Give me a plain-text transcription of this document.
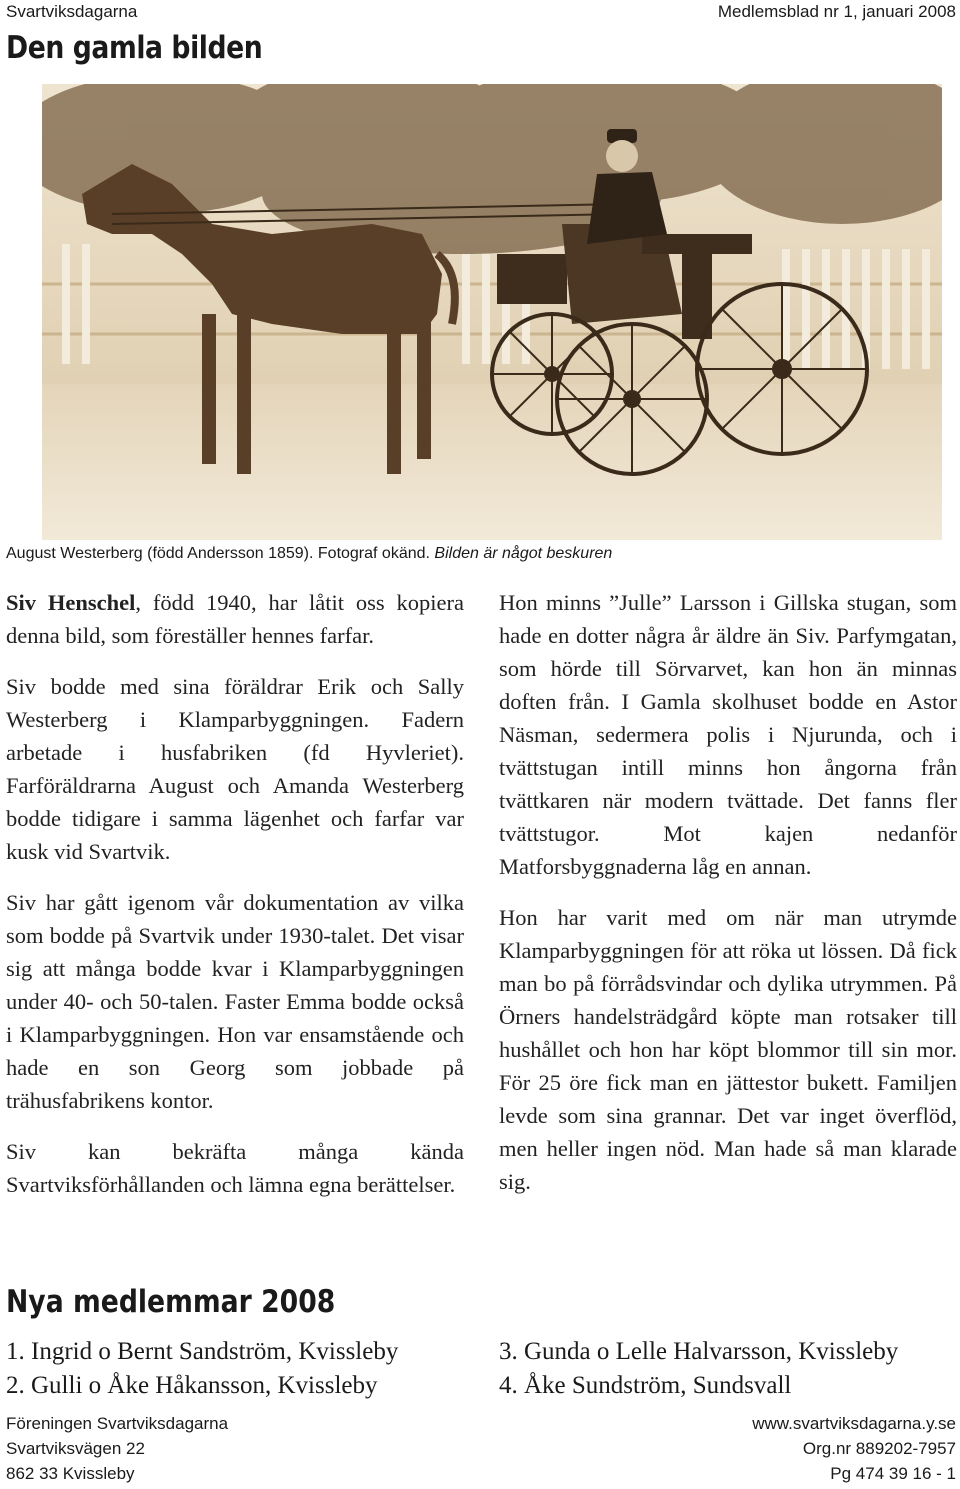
Svartviksdagarna	Medlemsblad nr 1, januari 2008
Den gamla bilden
August Westerberg (född Andersson 1859). Fotograf okänd. Bilden är något beskuren

Siv Henschel, född 1940, har låtit oss kopiera denna bild, som föreställer hennes farfar.

Siv bodde med sina föräldrar Erik och Sally Westerberg i Klamparbyggningen. Fadern arbetade i husfabriken (fd Hyvleriet). Farföräldrarna August och Amanda Westerberg bodde tidigare i samma lägenhet och farfar var kusk vid Svartvik.

Siv har gått igenom vår dokumentation av vilka som bodde på Svartvik under 1930-talet. Det visar sig att många bodde kvar i Klamparbyggningen under 40- och 50-talen. Faster Emma bodde också i Klamparbyggningen. Hon var ensamstående och hade en son Georg som jobbade på trähusfabrikens kontor.

Siv kan bekräfta många kända Svartviksförhållanden och lämna egna berättelser.

Hon minns ”Julle” Larsson i Gillska stugan, som hade en dotter några år äldre än Siv. Parfymgatan, som hörde till Sörvarvet, kan hon än minnas doften från. I Gamla skolhuset bodde en Astor Näsman, sedermera polis i Njurunda, och i tvättstugan intill minns hon ångorna från tvättkaren när modern tvättade. Det fanns fler tvättstugor. Mot kajen nedanför Matforsbyggnaderna låg en annan.

Hon har varit med om när man utrymde Klamparbyggningen för att röka ut lössen. Då fick man bo på förrådsvindar och dylika utrymmen. På Örners handelsträdgård köpte man rotsaker till hushållet och hon har köpt blommor till sin mor. För 25 öre fick man en jättestor bukett. Familjen levde som sina grannar. Det var inget överflöd, men heller ingen nöd. Man hade så man klarade sig.

Nya medlemmar 2008
1. Ingrid o Bernt Sandström, Kvissleby
2. Gulli o Åke Håkansson, Kvissleby
3. Gunda o Lelle Halvarsson, Kvissleby
4. Åke Sundström, Sundsvall
Föreningen Svartviksdagarna
Svartviksvägen 22
862 33 Kvissleby
www.svartviksdagarna.y.se
Org.nr 889202-7957
Pg 474 39 16 - 1
